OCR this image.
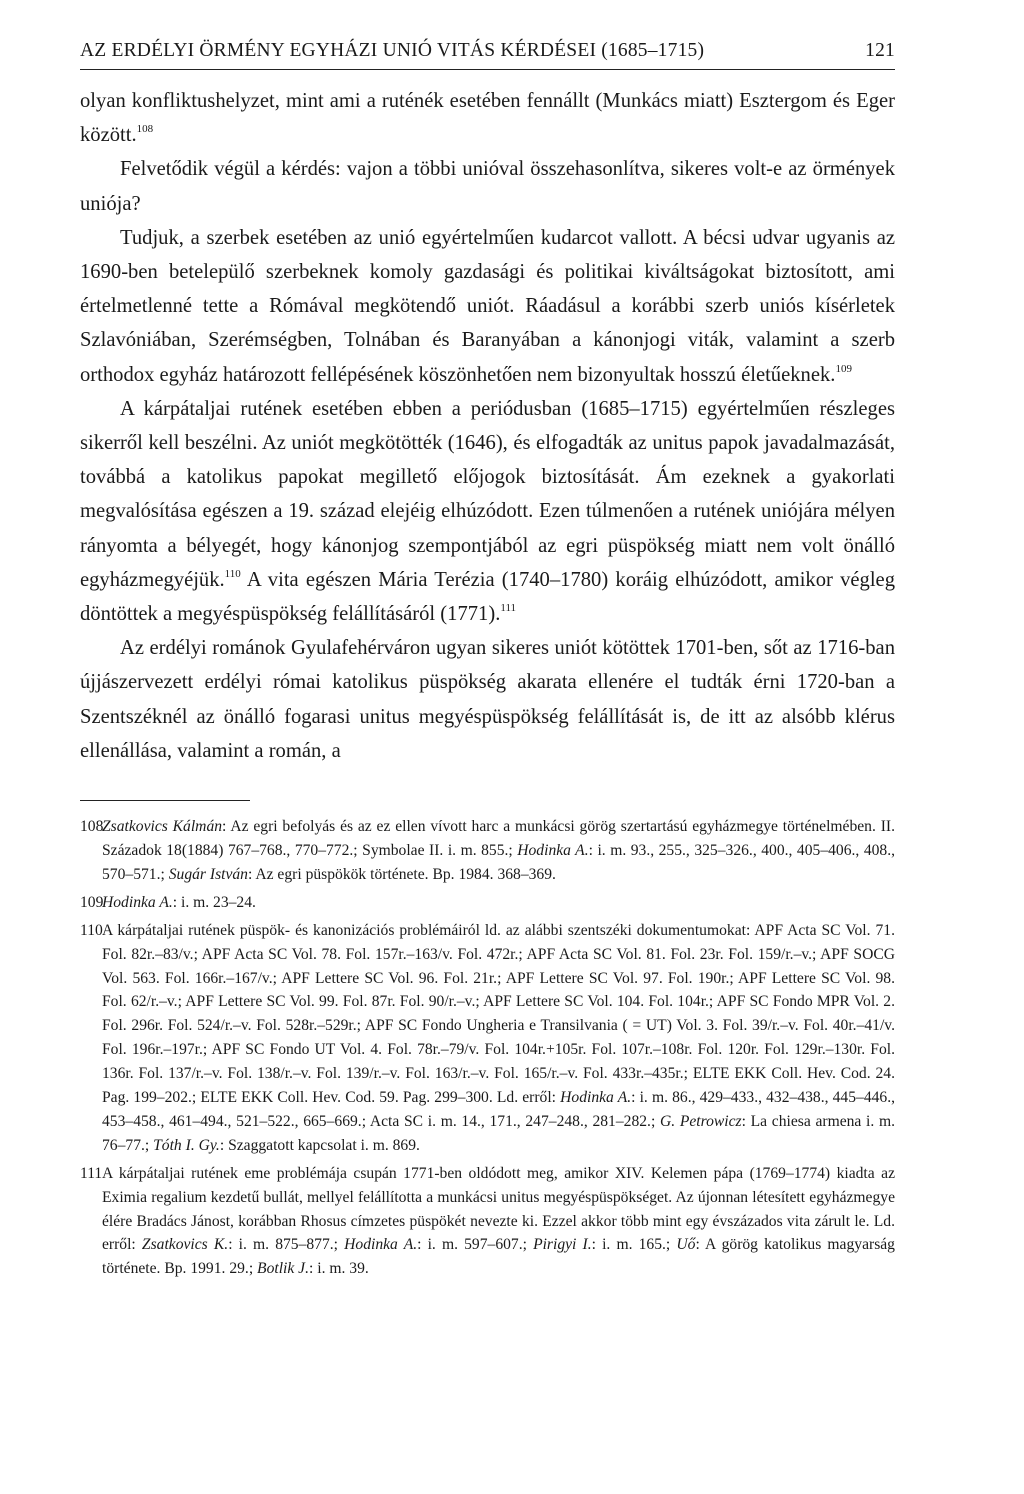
AZ ERDÉLYI ÖRMÉNY EGYHÁZI UNIÓ VITÁS KÉRDÉSEI (1685–1715)	121

olyan konfliktushelyzet, mint ami a ruténék esetében fennállt (Munkács miatt) Esztergom és Eger között.$^{108}$

Felvetődik végül a kérdés: vajon a többi unióval összehasonlítva, sikeres volt-e az örmények uniója?

Tudjuk, a szerbek esetében az unió egyértelműen kudarcot vallott. A bécsi udvar ugyanis az 1690-ben betelepülő szerbeknek komoly gazdasági és politikai kiváltságokat biztosított, ami értelmetlenné tette a Rómával megkötendő uniót. Ráadásul a korábbi szerb uniós kísérletek Szlavóniában, Szerémségben, Tolnában és Baranyában a kánonjogi viták, valamint a szerb orthodox egyház határozott fellépésének köszönhetően nem bizonyultak hosszú életűeknek.$^{109}$

A kárpátaljai rutének esetében ebben a periódusban (1685–1715) egyértelműen részleges sikerről kell beszélni. Az uniót megkötötték (1646), és elfogadták az unitus papok javadalmazását, továbbá a katolikus papokat megillető előjogok biztosítását. Ám ezeknek a gyakorlati megvalósítása egészen a 19. század elejéig elhúzódott. Ezen túlmenően a rutének uniójára mélyen rányomta a bélyegét, hogy kánonjog szempontjából az egri püspökség miatt nem volt önálló egyházmegyéjük.$^{110}$ A vita egészen Mária Terézia (1740–1780) koráig elhúzódott, amikor végleg döntöttek a megyéspüspökség felállításáról (1771).$^{111}$

Az erdélyi románok Gyulafehérváron ugyan sikeres uniót kötöttek 1701-ben, sőt az 1716-ban újjászervezett erdélyi római katolikus püspökség akarata ellenére el tudták érni 1720-ban a Szentszéknél az önálló fogarasi unitus megyéspüspökség felállítását is, de itt az alsóbb klérus ellenállása, valamint a román, a

108
Zsatkovics Kálmán: Az egri befolyás és az ez ellen vívott harc a munkácsi görög szertartású egyházmegye történelmében. II. Századok 18(1884) 767–768., 770–772.; Symbolae II. i. m. 855.; Hodinka A.: i. m. 93., 255., 325–326., 400., 405–406., 408., 570–571.; Sugár István: Az egri püspökök története. Bp. 1984. 368–369.
109
Hodinka A.: i. m. 23–24.
110 A kárpátaljai rutének püspök- és kanonizációs problémáiról ld. az alábbi szentszéki dokumentumokat: APF Acta SC Vol. 71. Fol. 82r.–83/v.; APF Acta SC Vol. 78. Fol. 157r.–163/v. Fol. 472r.; APF Acta SC Vol. 81. Fol. 23r. Fol. 159/r.–v.; APF SOCG Vol. 563. Fol. 166r.–167/v.; APF Lettere SC Vol. 96. Fol. 21r.; APF Lettere SC Vol. 97. Fol. 190r.; APF Lettere SC Vol. 98. Fol. 62/r.–v.; APF Lettere SC Vol. 99. Fol. 87r. Fol. 90/r.–v.; APF Lettere SC Vol. 104. Fol. 104r.; APF SC Fondo MPR Vol. 2. Fol. 296r. Fol. 524/r.–v. Fol. 528r.–529r.; APF SC Fondo Ungheria e Transilvania ( = UT) Vol. 3. Fol. 39/r.–v. Fol. 40r.–41/v. Fol. 196r.–197r.; APF SC Fondo UT Vol. 4. Fol. 78r.–79/v. Fol. 104r.+105r. Fol. 107r.–108r. Fol. 120r. Fol. 129r.–130r. Fol. 136r. Fol. 137/r.–v. Fol. 138/r.–v. Fol. 139/r.–v. Fol. 163/r.–v. Fol. 165/r.–v. Fol. 433r.–435r.; ELTE EKK Coll. Hev. Cod. 24. Pag. 199–202.; ELTE EKK Coll. Hev. Cod. 59. Pag. 299–300. Ld. erről: Hodinka A.: i. m. 86., 429–433., 432–438., 445–446., 453–458., 461–494., 521–522., 665–669.; Acta SC i. m. 14., 171., 247–248., 281–282.; G. Petrowicz: La chiesa armena i. m. 76–77.; Tóth I. Gy.: Szaggatott kapcsolat i. m. 869.
111 A kárpátaljai rutének eme problémája csupán 1771-ben oldódott meg, amikor XIV. Kelemen pápa (1769–1774) kiadta az Eximia regalium kezdetű bullát, mellyel felállította a munkácsi unitus megyéspüspökséget. Az újonnan létesített egyházmegye élére Bradács Jánost, korábban Rhosus címzetes püspökét nevezte ki. Ezzel akkor több mint egy évszázados vita zárult le. Ld. erről: Zsatkovics K.: i. m. 875–877.; Hodinka A.: i. m. 597–607.; Pirigyi I.: i. m. 165.; Uő: A görög katolikus magyarság története. Bp. 1991. 29.; Botlik J.: i. m. 39.
